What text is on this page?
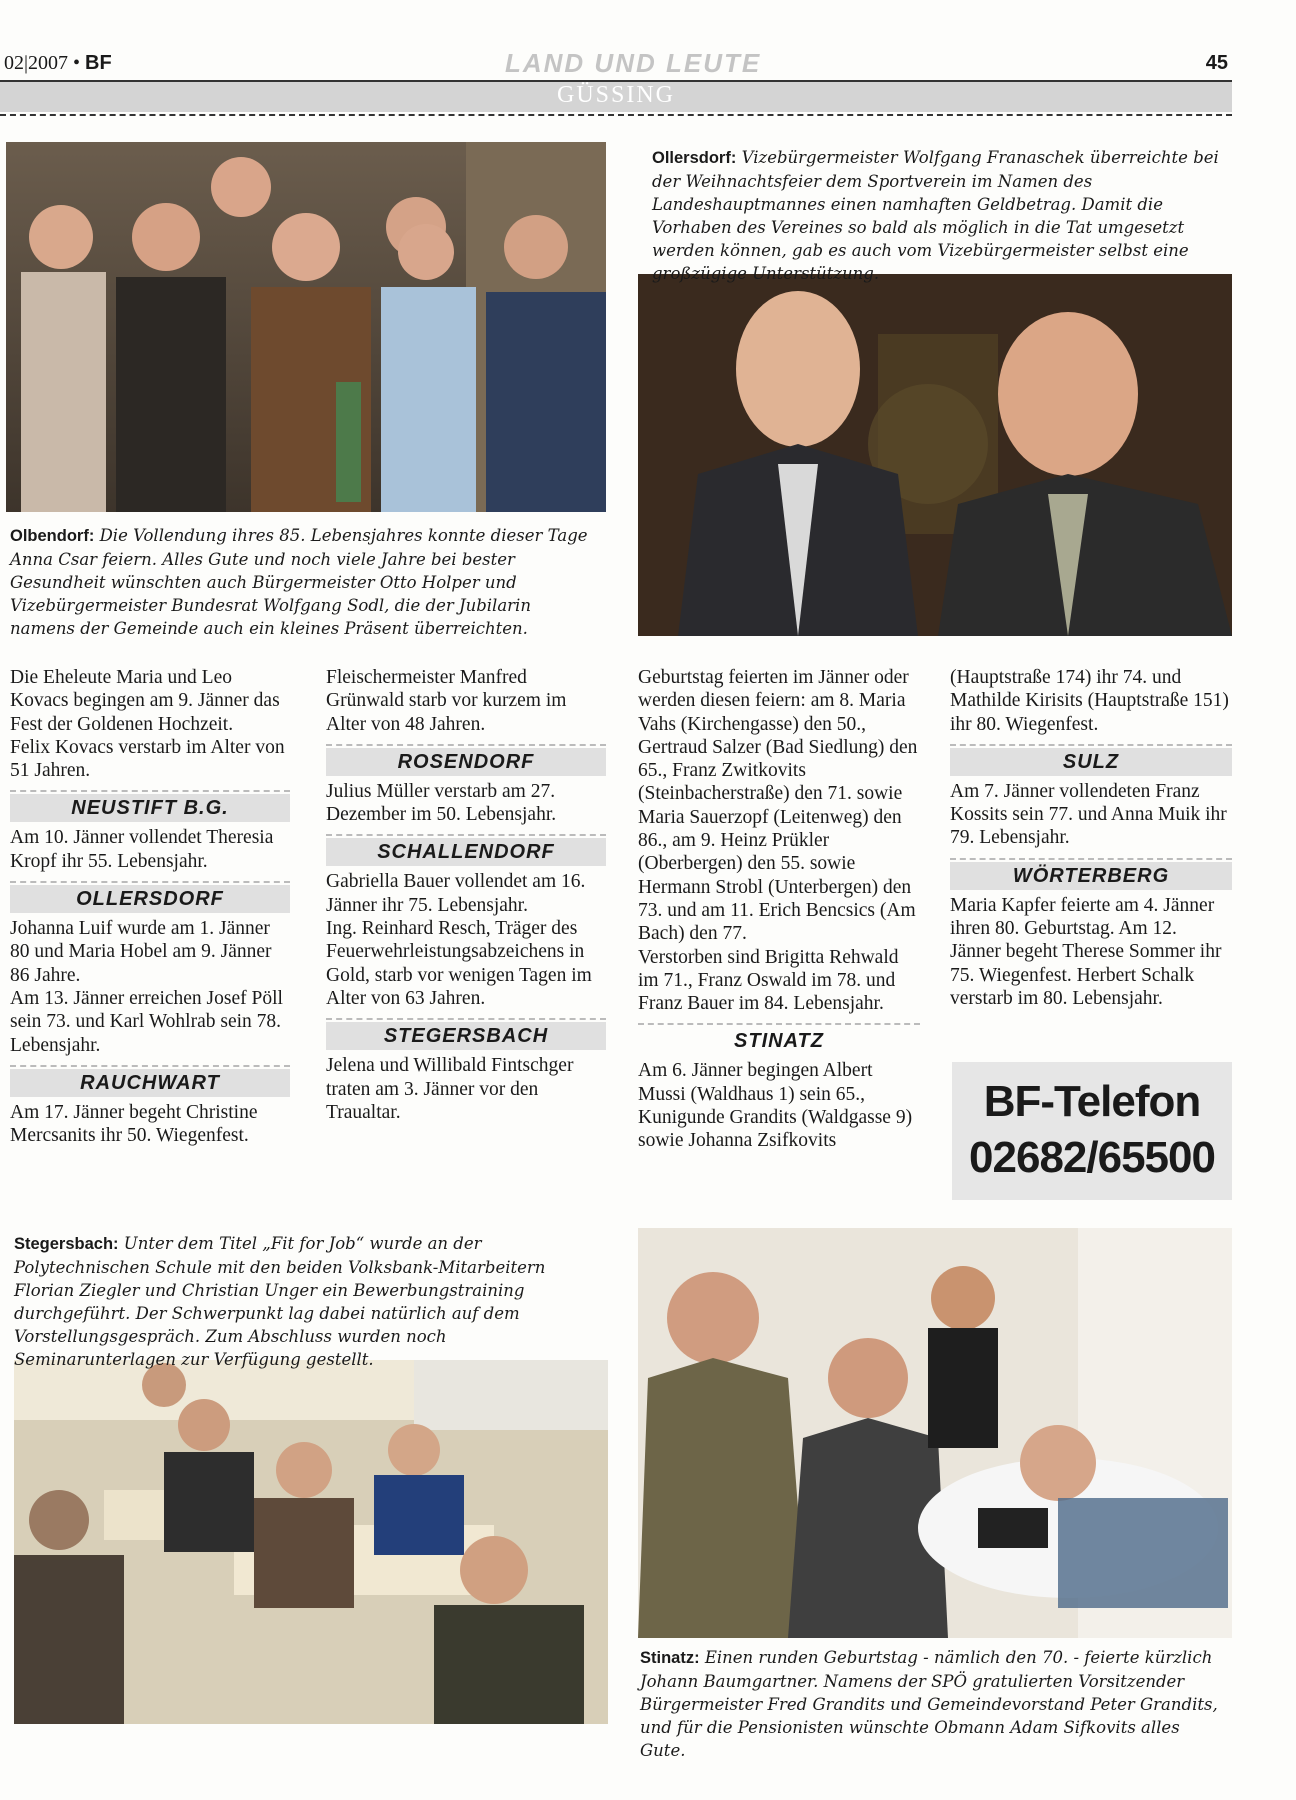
02|2007 • BF	LAND UND LEUTE	45
GÜSSING
Olbendorf: Die Vollendung ihres 85. Lebensjahres konnte dieser Tage Anna Csar feiern. Alles Gute und noch viele Jahre bei bester Gesundheit wünschten auch Bürgermeister Otto Holper und Vizebürgermeister Bundesrat Wolfgang Sodl, die der Jubilarin namens der Gemeinde auch ein kleines Präsent überreichten.
Ollersdorf: Vizebürgermeister Wolfgang Franaschek überreichte bei der Weihnachtsfeier dem Sportverein im Namen des Landeshauptmannes einen namhaften Geldbetrag. Damit die Vorhaben des Vereines so bald als möglich in die Tat umgesetzt werden können, gab es auch vom Vizebürgermeister selbst eine großzügige Unterstützung.
Stegersbach: Unter dem Titel „Fit for Job“ wurde an der Polytechnischen Schule mit den beiden Volksbank-Mitarbeitern Florian Ziegler und Christian Unger ein Bewerbungstraining durchgeführt. Der Schwerpunkt lag dabei natürlich auf dem Vorstellungsgespräch. Zum Abschluss wurden noch Seminarunterlagen zur Verfügung gestellt.
Stinatz: Einen runden Geburtstag - nämlich den 70. - feierte kürzlich Johann Baumgartner. Namens der SPÖ gratulierten Vorsitzender Bürgermeister Fred Grandits und Gemeindevorstand Peter Grandits, und für die Pensionisten wünschte Obmann Adam Sifkovits alles Gute.

Die Eheleute Maria und Leo Kovacs begingen am 9. Jänner das Fest der Goldenen Hochzeit.

Felix Kovacs verstarb im Alter von 51 Jahren.

NEUSTIFT B.G.

Am 10. Jänner vollendet Theresia Kropf ihr 55. Lebensjahr.

OLLERSDORF

Johanna Luif wurde am 1. Jänner 80 und Maria Hobel am 9. Jänner 86 Jahre.

Am 13. Jänner erreichen Josef Pöll sein 73. und Karl Wohlrab sein 78. Lebensjahr.

RAUCHWART

Am 17. Jänner begeht Christine Mercsanits ihr 50. Wiegenfest.

Fleischermeister Manfred Grünwald starb vor kurzem im Alter von 48 Jahren.

ROSENDORF

Julius Müller verstarb am 27. Dezember im 50. Lebensjahr.

SCHALLENDORF

Gabriella Bauer vollendet am 16. Jänner ihr 75. Lebensjahr.

Ing. Reinhard Resch, Träger des Feuerwehrleistungsabzeichens in Gold, starb vor wenigen Tagen im Alter von 63 Jahren.

STEGERSBACH

Jelena und Willibald Fintschger traten am 3. Jänner vor den Traualtar.

Geburtstag feierten im Jänner oder werden diesen feiern: am 8. Maria Vahs (Kirchengasse) den 50., Gertraud Salzer (Bad Siedlung) den 65., Franz Zwitkovits (Steinbacherstraße) den 71. sowie Maria Sauerzopf (Leitenweg) den 86., am 9. Heinz Prükler (Oberbergen) den 55. sowie Hermann Strobl (Unterbergen) den 73. und am 11. Erich Bencsics (Am Bach) den 77.

Verstorben sind Brigitta Rehwald im 71., Franz Oswald im 78. und Franz Bauer im 84. Lebensjahr.

STINATZ

Am 6. Jänner begingen Albert Mussi (Waldhaus 1) sein 65., Kunigunde Grandits (Waldgasse 9) sowie Johanna Zsifkovits

(Hauptstraße 174) ihr 74. und Mathilde Kirisits (Hauptstraße 151) ihr 80. Wiegenfest.

SULZ

Am 7. Jänner vollendeten Franz Kossits sein 77. und Anna Muik ihr 79. Lebensjahr.

WÖRTERBERG

Maria Kapfer feierte am 4. Jänner ihren 80. Geburtstag. Am 12. Jänner begeht Therese Sommer ihr 75. Wiegenfest. Herbert Schalk verstarb im 80. Lebensjahr.

BF-Telefon
02682/65500
